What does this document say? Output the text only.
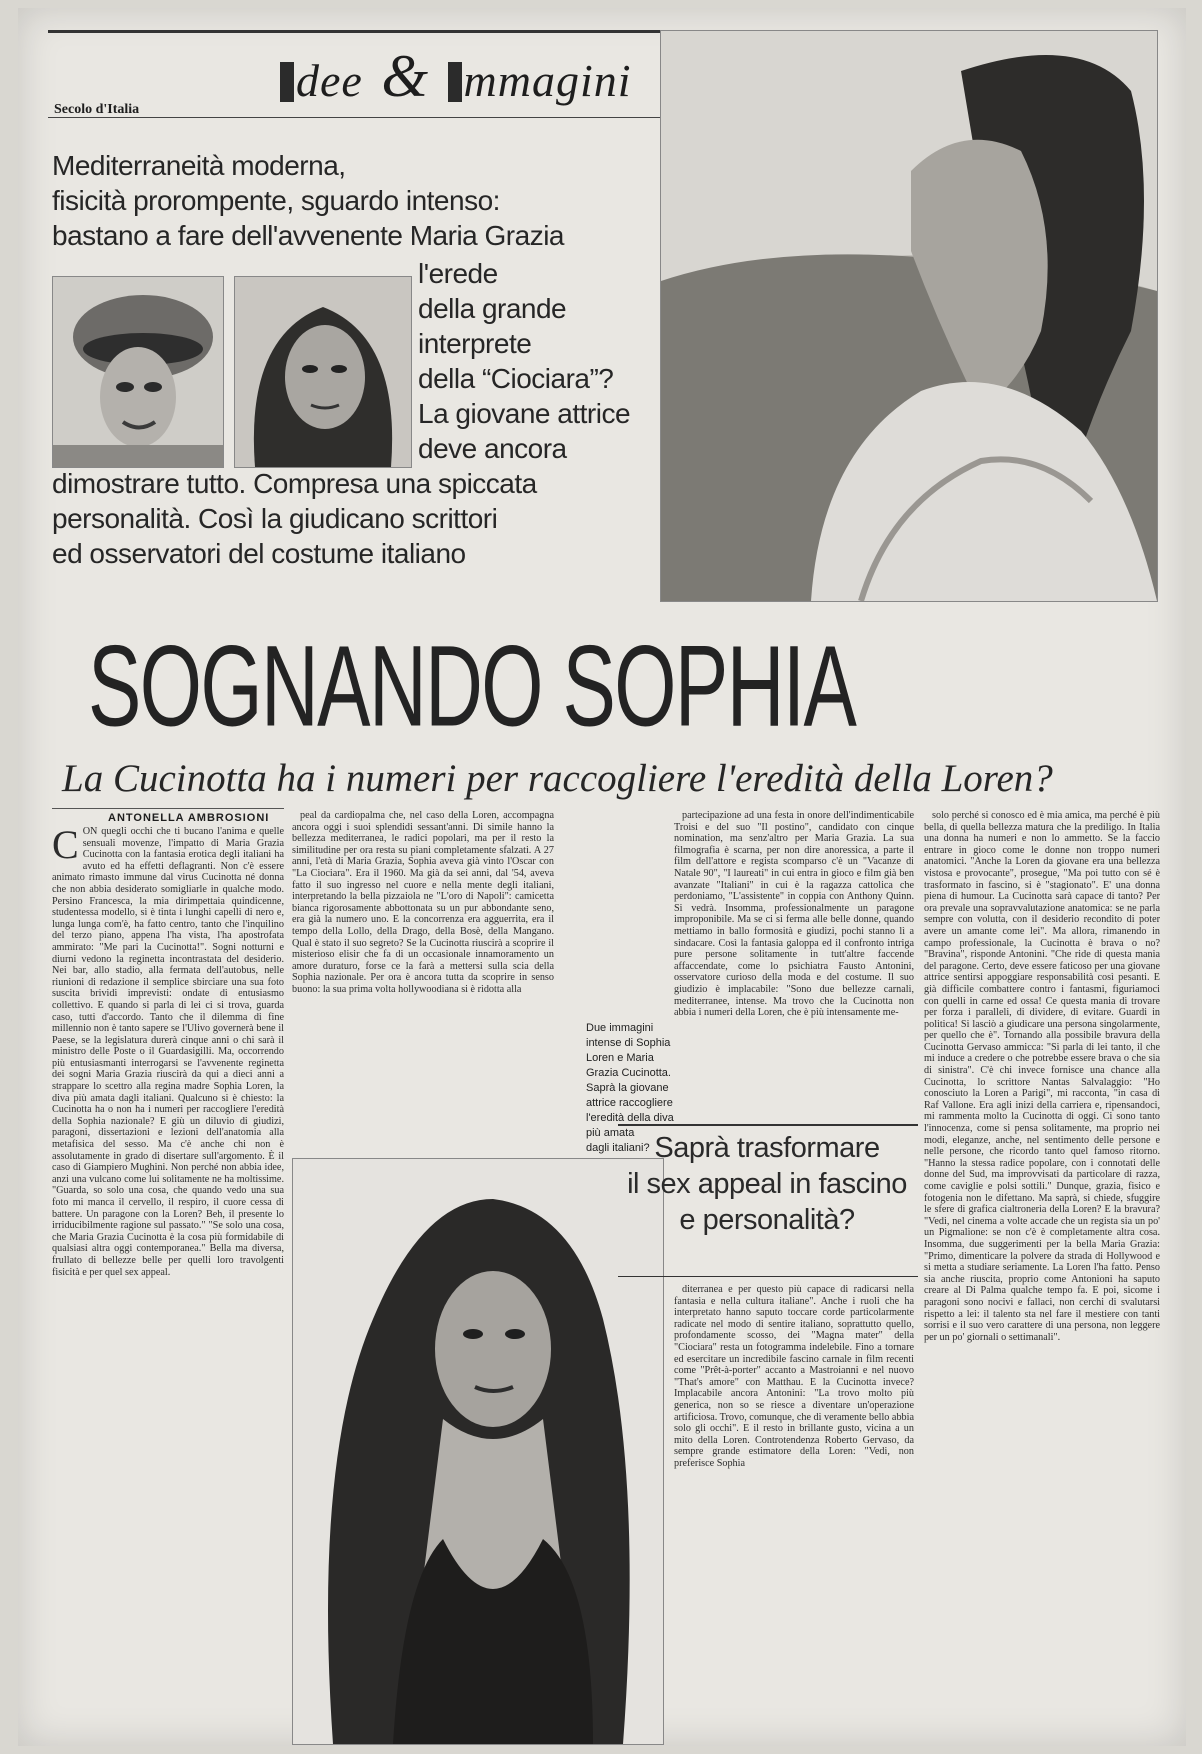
dee & mmagini
Secolo d'Italia
Mediterraneità moderna,
fisicità prorompente, sguardo intenso:
bastano a fare dell'avvenente Maria Grazia
l'erede
della grande
interprete
della “Ciociara”?
La giovane attrice
deve ancora
dimostrare tutto. Compresa una spiccata
personalità. Così la giudicano scrittori
ed osservatori del costume italiano
SOGNANDO SOPHIA
La Cucinotta ha i numeri per raccogliere l'eredità della Loren?
ANTONELLA AMBROSIONI

CON quegli occhi che ti bucano l'anima e quelle sensuali movenze, l'impatto di Maria Grazia Cucinotta con la fantasia erotica degli italiani ha avuto ed ha effetti deflagranti. Non c'è essere animato rimasto immune dal virus Cucinotta né donna che non abbia desiderato somigliarle in qualche modo. Persino Francesca, la mia dirimpettaia quindicenne, studentessa modello, si è tinta i lunghi capelli di nero e, lunga lunga com'è, ha fatto centro, tanto che l'inquilino del terzo piano, appena l'ha vista, l'ha apostrofata ammirato: "Me pari la Cucinotta!". Sogni notturni e diurni vedono la reginetta incontrastata del desiderio. Nei bar, allo stadio, alla fermata dell'autobus, nelle riunioni di redazione il semplice sbirciare una sua foto suscita brividi imprevisti: ondate di entusiasmo collettivo. E quando si parla di lei ci si trova, guarda caso, tutti d'accordo. Tanto che il dilemma di fine millennio non è tanto sapere se l'Ulivo governerà bene il Paese, se la legislatura durerà cinque anni o chi sarà il ministro delle Poste o il Guardasigilli. Ma, occorrendo più entusiasmanti interrogarsi se l'avvenente reginetta dei sogni Maria Grazia riuscirà da qui a dieci anni a strappare lo scettro alla regina madre Sophia Loren, la diva più amata dagli italiani. Qualcuno si è chiesto: la Cucinotta ha o non ha i numeri per raccogliere l'eredità della Sophia nazionale? E giù un diluvio di giudizi, paragoni, dissertazioni e lezioni dell'anatomia alla metafisica del sesso. Ma c'è anche chi non è assolutamente in grado di disertare sull'argomento. È il caso di Giampiero Mughini. Non perché non abbia idee, anzi una vulcano come lui solitamente ne ha moltissime. "Guarda, so solo una cosa, che quando vedo una sua foto mi manca il cervello, il respiro, il cuore cessa di battere. Un paragone con la Loren? Beh, il presente lo irriducibilmente ragione sul passato." "Se solo una cosa, che Maria Grazia Cucinotta è la cosa più formidabile di qualsiasi altra oggi contemporanea." Bella ma diversa, frullato di bellezze belle per quelli loro travolgenti fisicità e per quel sex appeal.

peal da cardiopalma che, nel caso della Loren, accompagna ancora oggi i suoi splendidi sessant'anni. Di simile hanno la bellezza mediterranea, le radici popolari, ma per il resto la similitudine per ora resta su piani completamente sfalzati. A 27 anni, l'età di Maria Grazia, Sophia aveva già vinto l'Oscar con "La Ciociara". Era il 1960. Ma già da sei anni, dal '54, aveva fatto il suo ingresso nel cuore e nella mente degli italiani, interpretando la bella pizzaiola ne "L'oro di Napoli": camicetta bianca rigorosamente abbottonata su un pur abbondante seno, era già la numero uno. E la concorrenza era agguerrita, era il tempo della Lollo, della Drago, della Bosè, della Mangano. Qual è stato il suo segreto? Se la Cucinotta riuscirà a scoprire il misterioso elisir che fa di un occasionale innamoramento un amore duraturo, forse ce la farà a mettersi sulla scia della Sophia nazionale. Per ora è ancora tutta da scoprire in senso buono: la sua prima volta hollywoodiana si è ridotta alla

Due immagini
intense di Sophia
Loren e Maria
Grazia Cucinotta.
Saprà la giovane
attrice raccogliere
l'eredità della diva
più amata
dagli italiani?

partecipazione ad una festa in onore dell'indimenticabile Troisi e del suo "Il postino", candidato con cinque nomination, ma senz'altro per Maria Grazia. La sua filmografia è scarna, per non dire anoressica, a parte il film dell'attore e regista scomparso c'è un "Vacanze di Natale 90", "I laureati" in cui entra in gioco e film già ben avanzate "Italiani" in cui è la ragazza cattolica che perdoniamo, "L'assistente" in coppia con Anthony Quinn. Si vedrà. Insomma, professionalmente un paragone improponibile. Ma se ci si ferma alle belle donne, quando mettiamo in ballo formosità e giudizi, pochi stanno lì a sindacare. Così la fantasia galoppa ed il confronto intriga pure persone solitamente in tutt'altre faccende affaccendate, come lo psichiatra Fausto Antonini, osservatore curioso della moda e del costume. Il suo giudizio è implacabile: "Sono due bellezze carnali, mediterranee, intense. Ma trovo che la Cucinotta non abbia i numeri della Loren, che è più intensamente me-

Saprà trasformare
il sex appeal in fascino
e personalità?

diterranea e per questo più capace di radicarsi nella fantasia e nella cultura italiane". Anche i ruoli che ha interpretato hanno saputo toccare corde particolarmente radicate nel modo di sentire italiano, soprattutto quello, profondamente scosso, dei "Magna mater" della "Ciociara" resta un fotogramma indelebile. Fino a tornare ed esercitare un incredibile fascino carnale in film recenti come "Prêt-à-porter" accanto a Mastroianni e nel nuovo "That's amore" con Matthau. E la Cucinotta invece? Implacabile ancora Antonini: "La trovo molto più generica, non so se riesce a diventare un'operazione artificiosa. Trovo, comunque, che di veramente bello abbia solo gli occhi". E il resto in brillante gusto, vicina a un mito della Loren. Controtendenza Roberto Gervaso, da sempre grande estimatore della Loren: "Vedi, non preferisce Sophia

solo perché si conosco ed è mia amica, ma perché è più bella, di quella bellezza matura che la prediligo. In Italia una donna ha numeri e non lo ammetto. Se la faccio entrare in gioco come le donne non troppo numeri anatomici. "Anche la Loren da giovane era una bellezza vistosa e provocante", prosegue, "Ma poi tutto con sé è trasformato in fascino, si è "stagionato". E' una donna piena di humour. La Cucinotta sarà capace di tanto? Per ora prevale una sopravvalutazione anatomica: se ne parla sempre con volutta, con il desiderio recondito di poter avere un amante come lei". Ma allora, rimanendo in campo professionale, la Cucinotta è brava o no? "Bravina", risponde Antonini. "Che ride di questa mania del paragone. Certo, deve essere faticoso per una giovane attrice sentirsi appoggiare responsabilità così pesanti. E già difficile combattere contro i fantasmi, figuriamoci con quelli in carne ed ossa! Ce questa mania di trovare per forza i paralleli, di dividere, di evitare. Guardi in politica! Si lasciò a giudicare una persona singolarmente, per quello che è". Tornando alla possibile bravura della Cucinotta Gervaso ammicca: "Si parla di lei tanto, il che mi induce a credere o che potrebbe essere brava o che sia di sinistra". C'è chi invece fornisce una chance alla Cucinotta, lo scrittore Nantas Salvalaggio: "Ho conosciuto la Loren a Parigi", mi racconta, "in casa di Raf Vallone. Era agli inizi della carriera e, ripensandoci, mi rammenta molto la Cucinotta di oggi. Ci sono tanto l'innocenza, come si pensa solitamente, ma proprio nei modi, eleganze, anche, nel sentimento delle persone e nelle persone, che ricordo tanto quel famoso ritorno. "Hanno la stessa radice popolare, con i connotati delle donne del Sud, ma improvvisati da particolare di razza, come caviglie e polsi sottili." Dunque, grazia, fisico e fotogenia non le difettano. Ma saprà, si chiede, sfuggire le sfere di grafica cialtroneria della Loren? E la bravura? "Vedi, nel cinema a volte accade che un regista sia un po' un Pigmalione: se non c'è è completamente altra cosa. Insomma, due suggerimenti per la bella Maria Grazia: "Primo, dimenticare la polvere da strada di Hollywood e si metta a studiare seriamente. La Loren l'ha fatto. Penso sia anche riuscita, proprio come Antonioni ha saputo creare al Di Palma qualche tempo fa. E poi, sicome i paragoni sono nocivi e fallaci, non cerchi di svalutarsi rispetto a lei: il talento sta nel fare il mestiere con tanti sorrisi e il suo vero carattere di una persona, non leggere per un po' giornali o settimanali".
